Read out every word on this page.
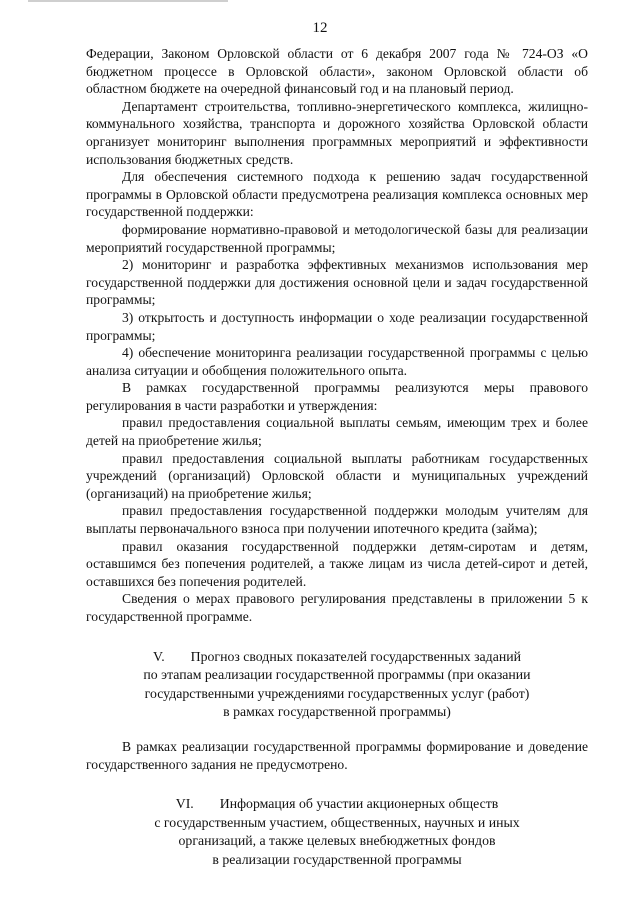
12

Федерации, Законом Орловской области от 6 декабря 2007 года № 724-ОЗ «О бюджетном процессе в Орловской области», законом Орловской области об областном бюджете на очередной финансовый год и на плановый период.

Департамент строительства, топливно-энергетического комплекса, жилищно-коммунального хозяйства, транспорта и дорожного хозяйства Орловской области организует мониторинг выполнения программных мероприятий и эффективности использования бюджетных средств.

Для обеспечения системного подхода к решению задач государственной программы в Орловской области предусмотрена реализация комплекса основных мер государственной поддержки:

формирование нормативно-правовой и методологической базы для реализации мероприятий государственной программы;

2) мониторинг и разработка эффективных механизмов использования мер государственной поддержки для достижения основной цели и задач государственной программы;

3) открытость и доступность информации о ходе реализации государственной программы;

4) обеспечение мониторинга реализации государственной программы с целью анализа ситуации и обобщения положительного опыта.

В рамках государственной программы реализуются меры правового регулирования в части разработки и утверждения:

правил предоставления социальной выплаты семьям, имеющим трех и более детей на приобретение жилья;

правил предоставления социальной выплаты работникам государственных учреждений (организаций) Орловской области и муниципальных учреждений (организаций) на приобретение жилья;

правил предоставления государственной поддержки молодым учителям для выплаты первоначального взноса при получении ипотечного кредита (займа);

правил оказания государственной поддержки детям-сиротам и детям, оставшимся без попечения родителей, а также лицам из числа детей-сирот и детей, оставшихся без попечения родителей.

Сведения о мерах правового регулирования представлены в приложении 5 к государственной программе.

V. Прогноз сводных показателей государственных заданий

по этапам реализации государственной программы (при оказании

государственными учреждениями государственных услуг (работ)

в рамках государственной программы)

В рамках реализации государственной программы формирование и доведение государственного задания не предусмотрено.

VI. Информация об участии акционерных обществ

с государственным участием, общественных, научных и иных

организаций, а также целевых внебюджетных фондов

в реализации государственной программы
